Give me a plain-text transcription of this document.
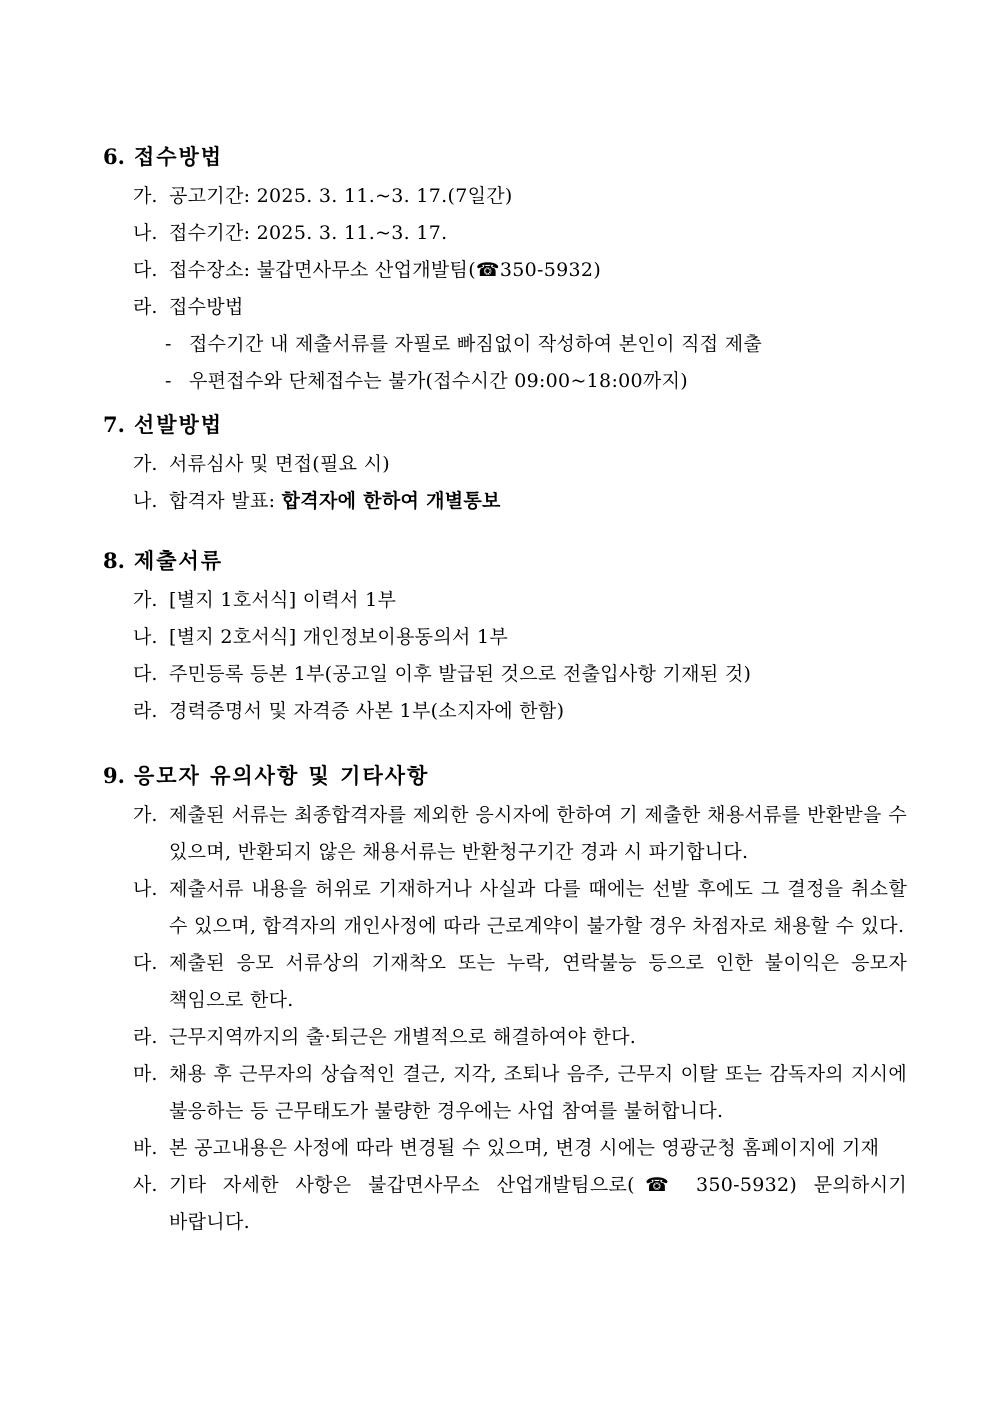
6. 접수방법
가. 공고기간: 2025. 3. 11.~3. 17.(7일간)
나. 접수기간: 2025. 3. 11.~3. 17.
다. 접수장소: 불갑면사무소 산업개발팀(☎350-5932)
라. 접수방법
- 접수기간 내 제출서류를 자필로 빠짐없이 작성하여 본인이 직접 제출
- 우편접수와 단체접수는 불가(접수시간 09:00~18:00까지)
7. 선발방법
가. 서류심사 및 면접(필요 시)
나. 합격자 발표: 합격자에 한하여 개별통보
8. 제출서류
가. [별지 1호서식] 이력서 1부
나. [별지 2호서식] 개인정보이용동의서 1부
다. 주민등록 등본 1부(공고일 이후 발급된 것으로 전출입사항 기재된 것)
라. 경력증명서 및 자격증 사본 1부(소지자에 한함)
9. 응모자 유의사항 및 기타사항
가. 제출된 서류는 최종합격자를 제외한 응시자에 한하여 기 제출한 채용서류를 반환받을 수 있으며, 반환되지 않은 채용서류는 반환청구기간 경과 시 파기합니다.
나. 제출서류 내용을 허위로 기재하거나 사실과 다를 때에는 선발 후에도 그 결정을 취소할 수 있으며, 합격자의 개인사정에 따라 근로계약이 불가할 경우 차점자로 채용할 수 있다.
다. 제출된 응모 서류상의 기재착오 또는 누락, 연락불능 등으로 인한 불이익은 응모자 책임으로 한다.
라. 근무지역까지의 출·퇴근은 개별적으로 해결하여야 한다.
마. 채용 후 근무자의 상습적인 결근, 지각, 조퇴나 음주, 근무지 이탈 또는 감독자의 지시에 불응하는 등 근무태도가 불량한 경우에는 사업 참여를 불허합니다.
바. 본 공고내용은 사정에 따라 변경될 수 있으며, 변경 시에는 영광군청 홈페이지에 기재
사. 기타 자세한 사항은 불갑면사무소 산업개발팀으로(☎ 350-5932) 문의하시기 바랍니다.
